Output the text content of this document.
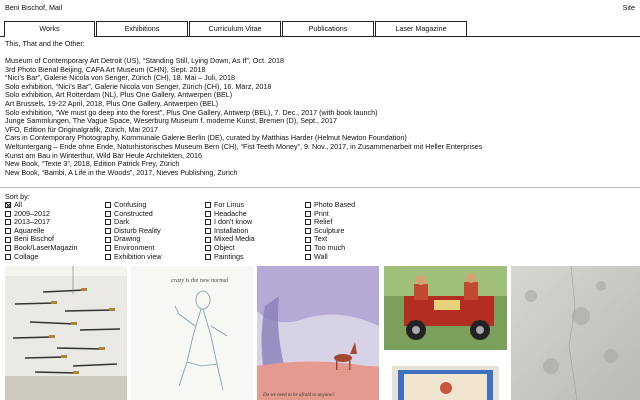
Beni Bischof, Mail	Site
Works	Exhibitions	Curriculum Vitae	Publications	Laser Magazine
This, That and the Other:
Museum of Contemporary Art Detroit (US), “Standing Still, Lying Down, As If”, Oct. 2018
3rd Photo Bienal Beijing, CAFA Art Museum (CHN), Sept. 2018
“Nici’s Bar”, Galerie Nicola von Senger, Zürich (CH), 18. Mai – Juli, 2018
Solo exhibition, “Nici’s Bar”, Galerie Nicola von Senger, Zürich (CH), 16. März, 2018
Solo exhibition, Art Rotterdam (NL), Plus One Gallery, Antwerpen (BEL)
Art Brussels, 19-22 April, 2018, Plus One Gallery, Antwerpen (BEL)
Solo exhibition, “We must go deep into the forest”, Plus One Gallery, Antwerp (BEL), 7. Dec., 2017 (with book launch)
Junge Sammlungen, The Vague Space, Weserburg Museum f. moderne Kunst, Bremen (D), Sept., 2017
VFO, Edition für Originalgrafik, Zürich, Mai 2017
Cars in Contemporary Photography, Kommunale Galerie Berlin (DE), curated by Matthias Harder (Helmut Newton Foundation)
Weltuntergang – Ende ohne Ende, Naturhistorisches Museum Bern (CH), “Fist Teeth Money”, 9. Nov., 2017, in Zusammenarbeit mit Heller Enterprises
Kunst am Bau in Winterthur, Wild Bär Heule Architekten, 2016
New Book, “Texte 3”, 2018, Edition Patrick Frey, Zürich
New Book, “Bambi, A Life in the Woods”, 2017, Nieves Publishing, Zurich
Sort by:
All
2009–2012
2013–2017
Aquarelle
Beni Bischof
Book/LaserMagazin
Collage
Confusing
Constructed
Dark
Disturb Reality
Drawing
Environment
Exhibition view
For Linus
Headache
I don't know
Installation
Mixed Media
Object
Paintings
Photo Based
Print
Relief
Sculpture
Text
Too much
Wall
crazy is the new normal
Do we need to be afraid to anyone?
